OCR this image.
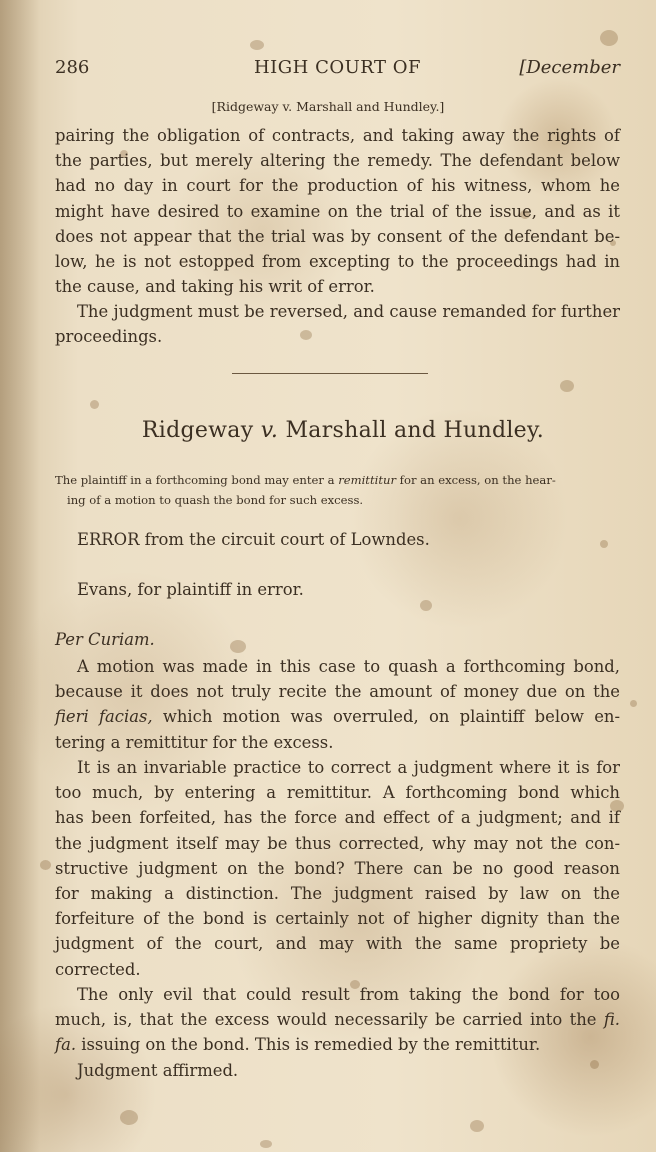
286	HIGH COURT OF	[December
[Ridgeway v. Marshall and Hundley.]

pairing the obligation of contracts, and taking away the rights of
the parties, but merely altering the remedy. The defendant below
had no day in court for the production of his witness, whom he
might have desired to examine on the trial of the issue, and as it
does not appear that the trial was by consent of the defendant be-
low, he is not estopped from excepting to the proceedings had in
the cause, and taking his writ of error.

The judgment must be reversed, and cause remanded for further
proceedings.

Ridgeway v. Marshall and Hundley.
The plaintiff in a forthcoming bond may enter a remittitur for an excess, on the hear-
ing of a motion to quash the bond for such excess.
ERROR from the circuit court of Lowndes.
Evans, for plaintiff in error.
Per Curiam.

A motion was made in this case to quash a forthcoming bond,
because it does not truly recite the amount of money due on the
fieri facias, which motion was overruled, on plaintiff below en-
tering a remittitur for the excess.

It is an invariable practice to correct a judgment where it is for
too much, by entering a remittitur. A forthcoming bond which
has been forfeited, has the force and effect of a judgment; and if
the judgment itself may be thus corrected, why may not the con-
structive judgment on the bond? There can be no good reason
for making a distinction. The judgment raised by law on the
forfeiture of the bond is certainly not of higher dignity than the
judgment of the court, and may with the same propriety be
corrected.

The only evil that could result from taking the bond for too
much, is, that the excess would necessarily be carried into the fi.
fa. issuing on the bond. This is remedied by the remittitur.
Judgment affirmed.
